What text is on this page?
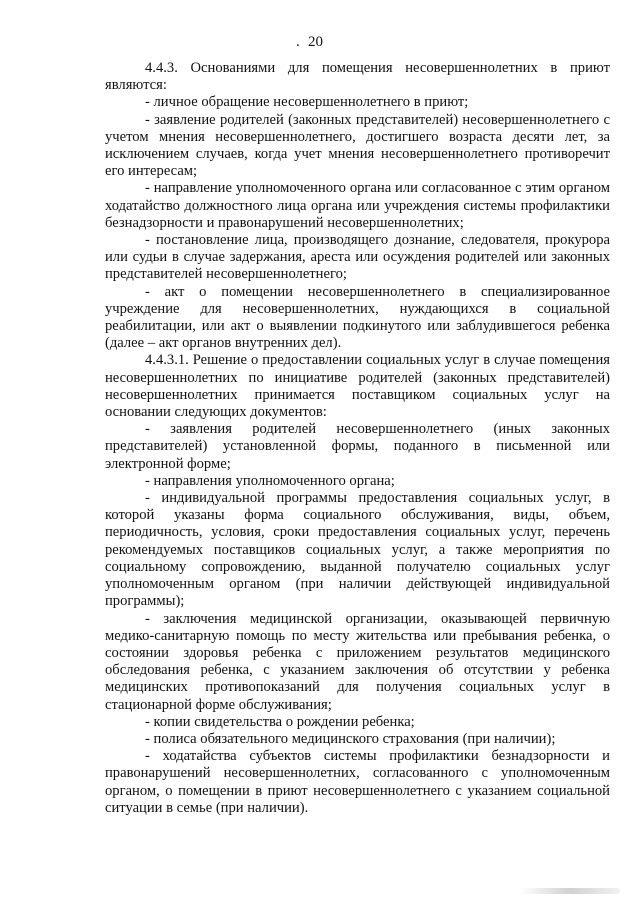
. 20

4.4.3. Основаниями для помещения несовершеннолетних в приют являются:

- личное обращение несовершеннолетнего в приют;

- заявление родителей (законных представителей) несовершеннолетнего с учетом мнения несовершеннолетнего, достигшего возраста десяти лет, за исключением случаев, когда учет мнения несовершеннолетнего противоречит его интересам;

- направление уполномоченного органа или согласованное с этим органом ходатайство должностного лица органа или учреждения системы профилактики безнадзорности и правонарушений несовершеннолетних;

- постановление лица, производящего дознание, следователя, прокурора или судьи в случае задержания, ареста или осуждения родителей или законных представителей несовершеннолетнего;

- акт о помещении несовершеннолетнего в специализированное учреждение для несовершеннолетних, нуждающихся в социальной реабилитации, или акт о выявлении подкинутого или заблудившегося ребенка (далее – акт органов внутренних дел).

4.4.3.1. Решение о предоставлении социальных услуг в случае помещения несовершеннолетних по инициативе родителей (законных представителей) несовершеннолетних принимается поставщиком социальных услуг на основании следующих документов:

- заявления родителей несовершеннолетнего (иных законных представителей) установленной формы, поданного в письменной или электронной форме;

- направления уполномоченного органа;

- индивидуальной программы предоставления социальных услуг, в которой указаны форма социального обслуживания, виды, объем, периодичность, условия, сроки предоставления социальных услуг, перечень рекомендуемых поставщиков социальных услуг, а также мероприятия по социальному сопровождению, выданной получателю социальных услуг уполномоченным органом (при наличии действующей индивидуальной программы);

- заключения медицинской организации, оказывающей первичную медико-санитарную помощь по месту жительства или пребывания ребенка, о состоянии здоровья ребенка с приложением результатов медицинского обследования ребенка, с указанием заключения об отсутствии у ребенка медицинских противопоказаний для получения социальных услуг в стационарной форме обслуживания;

- копии свидетельства о рождении ребенка;

- полиса обязательного медицинского страхования (при наличии);

- ходатайства субъектов системы профилактики безнадзорности и правонарушений несовершеннолетних, согласованного с уполномоченным органом, о помещении в приют несовершеннолетнего с указанием социальной ситуации в семье (при наличии).
